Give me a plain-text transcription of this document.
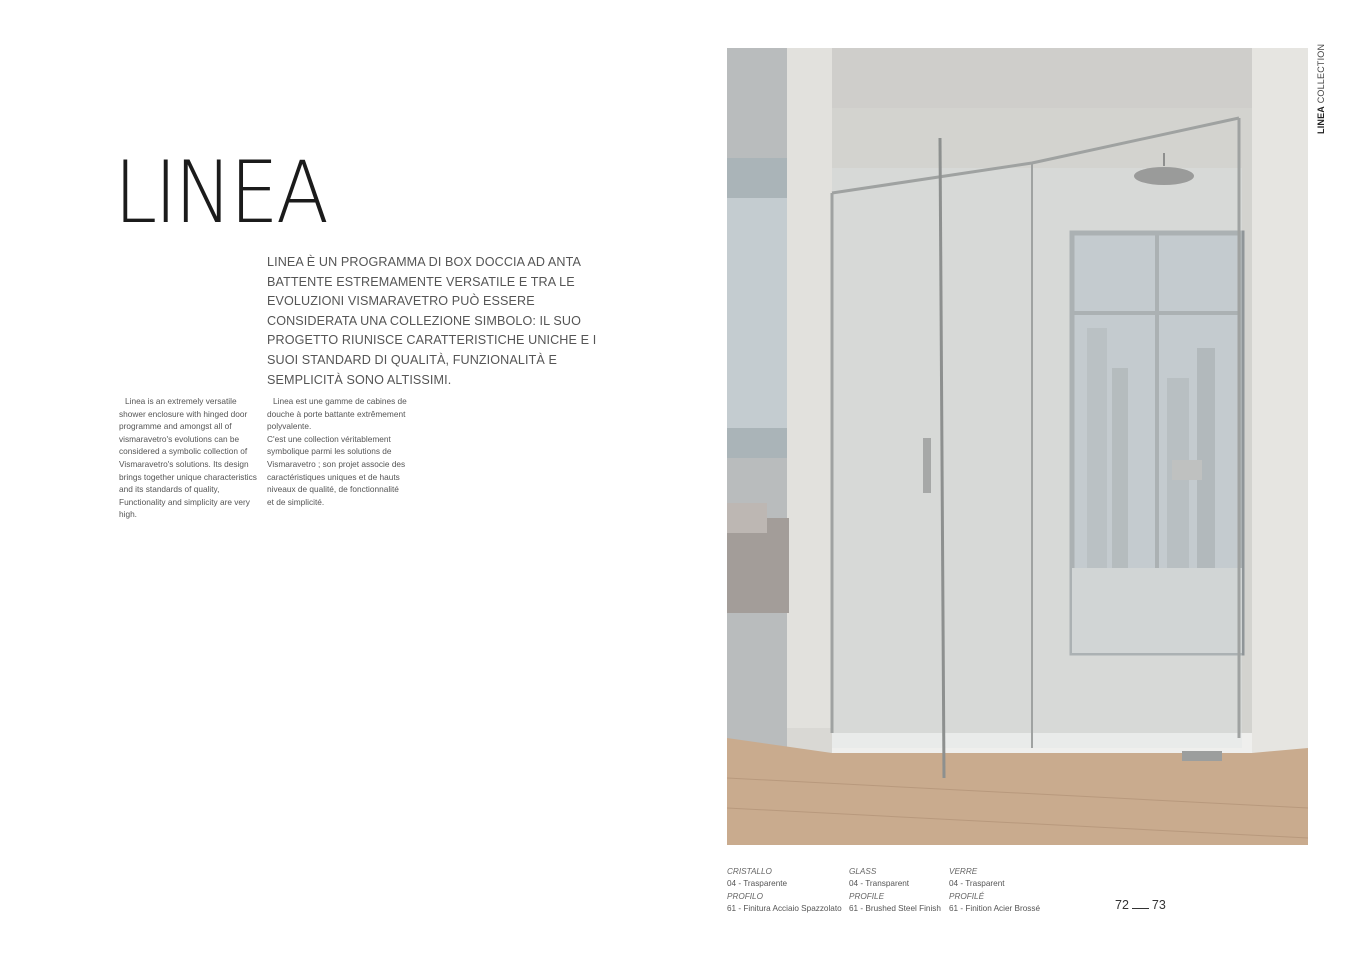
LINEA

LINEA È UN PROGRAMMA DI BOX DOCCIA AD ANTA BATTENTE ESTREMAMENTE VERSATILE E TRA LE EVOLUZIONI VISMARAVETRO PUÒ ESSERE CONSIDERATA UNA COLLEZIONE SIMBOLO: IL SUO PROGETTO RIUNISCE CARATTERISTICHE UNICHE E I SUOI STANDARD DI QUALITÀ, FUNZIONALITÀ E SEMPLICITÀ SONO ALTISSIMI.

Linea is an extremely versatile shower enclosure with hinged door programme and amongst all of vismaravetro's evolutions can be considered a symbolic collection of Vismaravetro's solutions. Its design brings together unique characteristics and its standards of quality, Functionality and simplicity are very high.

Linea est une gamme de cabines de douche à porte battante extrêmement polyvalente.

C'est une collection véritablement symbolique parmi les solutions de Vismaravetro ; son projet associe des caractéristiques uniques et de hauts niveaux de qualité, de fonctionnalité et de simplicité.

LINEA COLLECTION
CRISTALLO
04 - Trasparente
PROFILO
61 - Finitura Acciaio Spazzolato
GLASS
04 - Transparent
PROFILE
61 - Brushed Steel Finish
VERRE
04 - Trasparent
PROFILÉ
61 - Finition Acier Brossé	72 73
